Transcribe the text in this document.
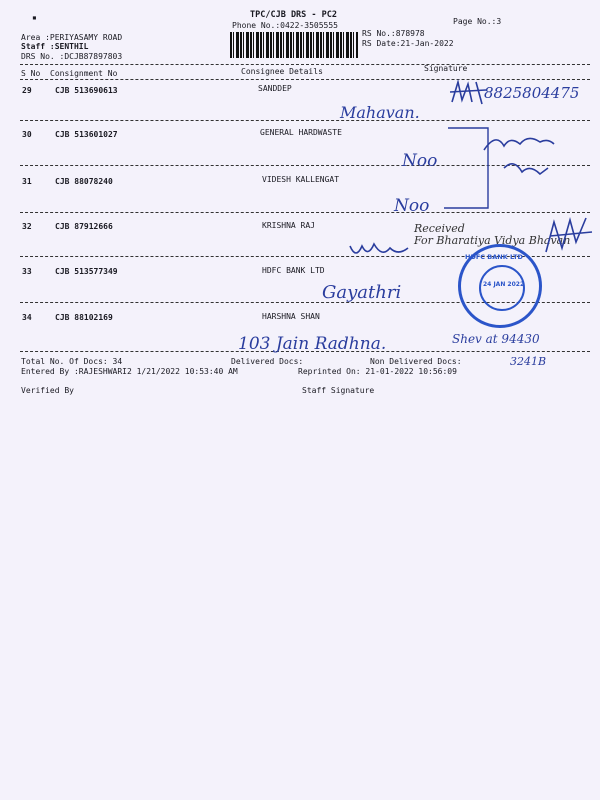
▪	TPC/CJB DRS - PC2
Phone No.:0422-3505555	Page No.:3
Area :PERIYASAMY ROAD
Staff :SENTHIL
DRS No. :DCJB87897803
RS No.:878978
RS Date:21-Jan-2022
S No Consignment No	Consignee Details	Signature
29	CJB 513690613	SANDDEP
30	CJB 513601027	GENERAL HARDWASTE
31	CJB 88078240	VIDESH KALLENGAT
32	CJB 87912666	KRISHNA RAJ
33	CJB 513577349	HDFC BANK LTD
34	CJB 88102169	HARSHNA SHAN
8825804475
Mahavan.
Noo
Noo
Received
For Bharatiya Vidya Bhavan
Gayathri
103 Jain Radhna.	Shev at 94430
3241B
HDFC BANK LTD
24 JAN 2022
Total No. Of Docs: 34	Delivered Docs:	Non Delivered Docs:
Entered By :RAJESHWARI2 1/21/2022 10:53:40 AM	Reprinted On: 21-01-2022 10:56:09
Verified By	Staff Signature
